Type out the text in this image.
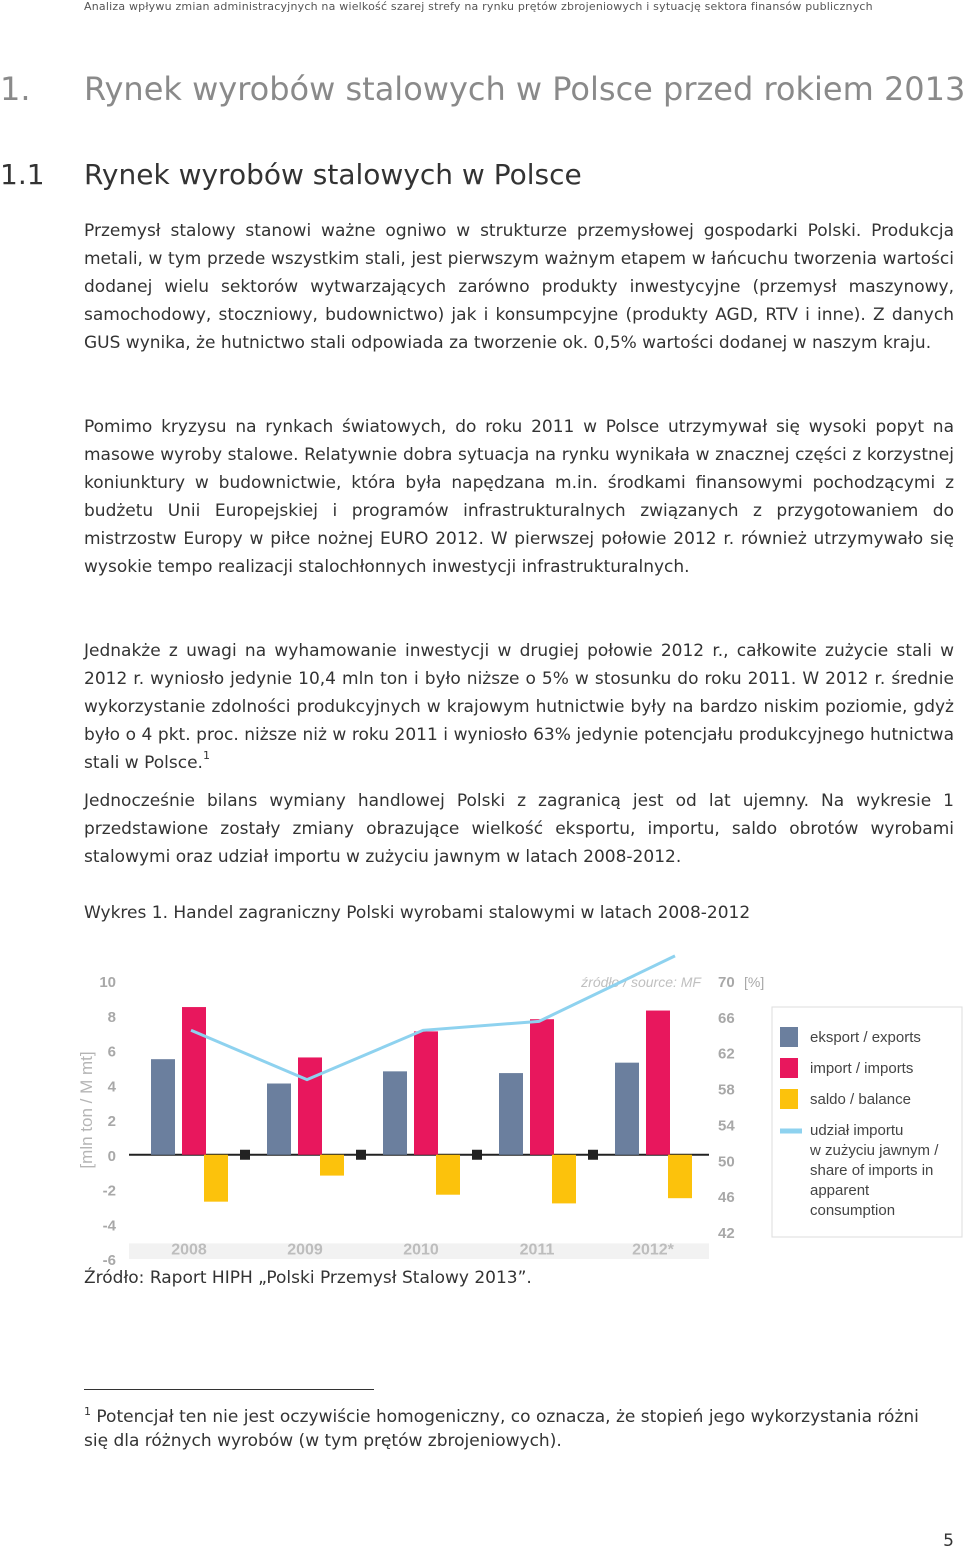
Analiza wpływu zmian administracyjnych na wielkość szarej strefy na rynku prętów zbrojeniowych i sytuację sektora finansów publicznych
1. Rynek wyrobów stalowych w Polsce przed rokiem 2013
1.1 Rynek wyrobów stalowych w Polsce

Przemysł stalowy stanowi ważne ogniwo w strukturze przemysłowej gospodarki Polski. Produkcja metali, w tym przede wszystkim stali, jest pierwszym ważnym etapem w łańcuchu tworzenia wartości dodanej wielu sektorów wytwarzających zarówno produkty inwestycyjne (przemysł maszynowy, samochodowy, stoczniowy, budownictwo) jak i konsumpcyjne (produkty AGD, RTV i inne). Z danych GUS wynika, że hutnictwo stali odpowiada za tworzenie ok. 0,5% wartości dodanej w naszym kraju.

Pomimo kryzysu na rynkach światowych, do roku 2011 w Polsce utrzymywał się wysoki popyt na masowe wyroby stalowe. Relatywnie dobra sytuacja na rynku wynikała w znacznej części z korzystnej koniunktury w budownictwie, która była napędzana m.in. środkami finansowymi pochodzącymi z budżetu Unii Europejskiej i programów infrastrukturalnych związanych z przygotowaniem do mistrzostw Europy w piłce nożnej EURO 2012. W pierwszej połowie 2012 r. również utrzymywało się wysokie tempo realizacji stalochłonnych inwestycji infrastrukturalnych.

Jednakże z uwagi na wyhamowanie inwestycji w drugiej połowie 2012 r., całkowite zużycie stali w 2012 r. wyniosło jedynie 10,4 mln ton i było niższe o 5% w stosunku do roku 2011. W 2012 r. średnie wykorzystanie zdolności produkcyjnych w krajowym hutnictwie były na bardzo niskim poziomie, gdyż było o 4 pkt. proc. niższe niż w roku 2011 i wyniosło 63% jedynie potencjału produkcyjnego hutnictwa stali w Polsce.$^1$

Jednocześnie bilans wymiany handlowej Polski z zagranicą jest od lat ujemny. Na wykresie 1 przedstawione zostały zmiany obrazujące wielkość eksportu, importu, saldo obrotów wyrobami stalowymi oraz udział importu w zużyciu jawnym w latach 2008-2012.

Wykres 1. Handel zagraniczny Polski wyrobami stalowymi w latach 2008-2012
10
8
6
4
2
0
-2
-4
-6
[mln ton / M mt]
70
66
62
58
54
50
46
42
[%]
źródło / source: MF
2008	2009	2010	2011	2012*
eksport / exports
import / imports
saldo / balance
udział importu
w zużyciu jawnym /
share of imports in
apparent
consumption
Źródło: Raport HIPH „Polski Przemysł Stalowy 2013”.
$^1$ Potencjał ten nie jest oczywiście homogeniczny, co oznacza, że stopień jego wykorzystania różni się dla różnych wyrobów (w tym prętów zbrojeniowych).
5
